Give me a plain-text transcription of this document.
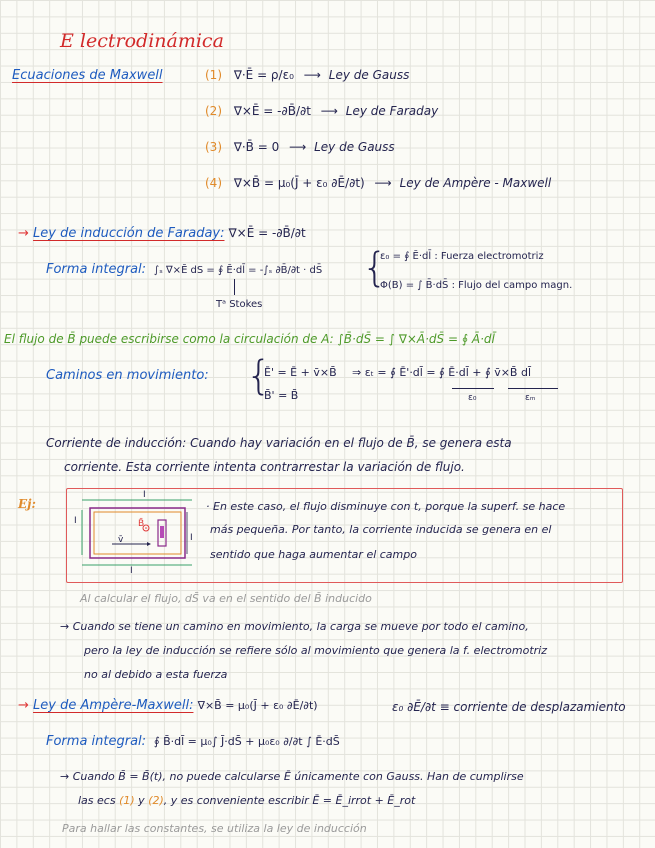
E lectrodinámica
Ecuaciones de Maxwell	(1) ∇·Ē = ρ/ε₀ ⟶ Ley de Gauss
(2) ∇×Ē = -∂B̄/∂t ⟶ Ley de Faraday
(3) ∇·B̄ = 0 ⟶ Ley de Gauss
(4) ∇×B̄ = μ₀(J̄ + ε₀ ∂Ē/∂t) ⟶ Ley de Ampère - Maxwell
→ Ley de inducción de Faraday: ∇×Ē = -∂B̄/∂t
Forma integral: ∫ₛ ∇×Ē dS = ∮ Ē·dl̄ = -∫ₛ ∂B̄/∂t · dS̄
Tᵃ Stokes
{
ε₀ = ∮ Ē·dl̄ : Fuerza electromotriz
Φ(B) = ∫ B̄·dS̄ : Flujo del campo magn.
El flujo de B̄ puede escribirse como la circulación de A: ∫B̄·dS̄ = ∫ ∇×Ā·dS̄ = ∮ Ā·dl̄
Caminos en movimiento: {
Ē' = Ē + v̄×B̄
B̄' = B̄
⇒ εₜ = ∮ Ē'·dl̄ = ∮ Ē·dl̄ + ∮ v̄×B̄ dl̄
ε₀	εₘ
Corriente de inducción: Cuando hay variación en el flujo de B̄, se genera esta
corriente. Esta corriente intenta contrarrestar la variación de flujo.
Ej:
I
I
I
I
B̄
v̄
· En este caso, el flujo disminuye con t, porque la superf. se hace
más pequeña. Por tanto, la corriente inducida se genera en el
sentido que haga aumentar el campo
Al calcular el flujo, dS̄ va en el sentido del B̄ inducido
→ Cuando se tiene un camino en movimiento, la carga se mueve por todo el camino,
pero la ley de inducción se refiere sólo al movimiento que genera la f. electromotriz
no al debido a esta fuerza
→ Ley de Ampère-Maxwell: ∇×B̄ = μ₀(J̄ + ε₀ ∂Ē/∂t)	ε₀ ∂Ē/∂t ≡ corriente de desplazamiento
Forma integral: ∮ B̄·dl̄ = μ₀∫ J̄·dS̄ + μ₀ε₀ ∂/∂t ∫ Ē·dS̄
→ Cuando B̄ = B̄(t), no puede calcularse Ē únicamente con Gauss. Han de cumplirse
las ecs (1) y (2), y es conveniente escribir Ē = Ē_irrot + Ē_rot
Para hallar las constantes, se utiliza la ley de inducción
